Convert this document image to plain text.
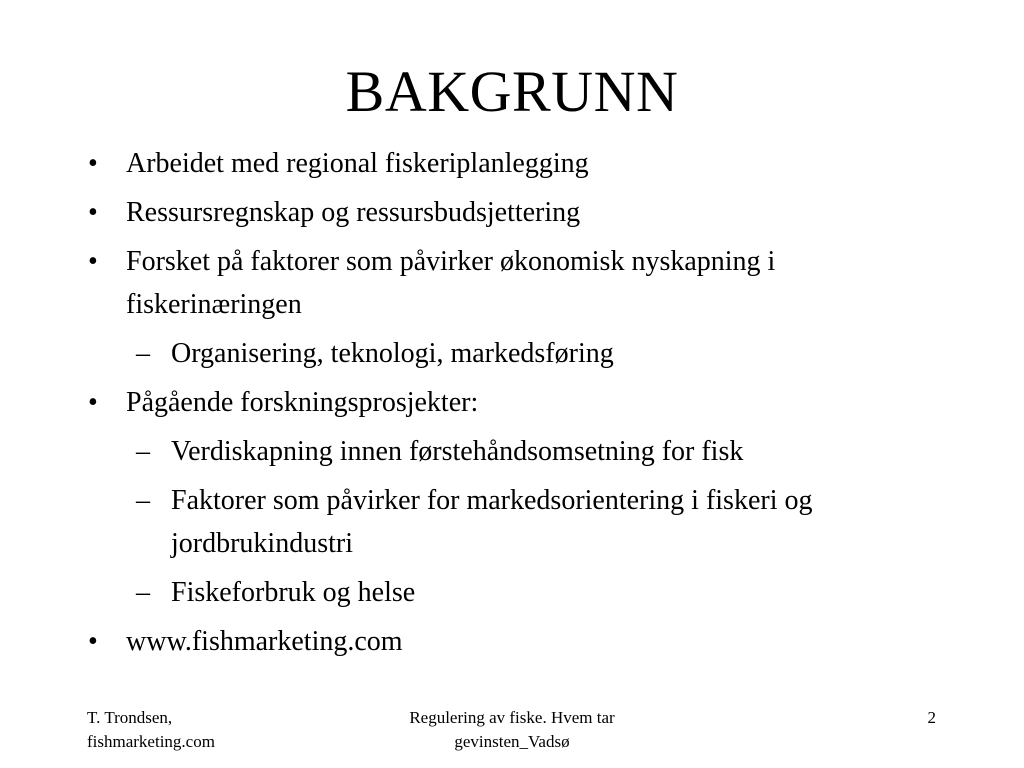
BAKGRUNN
• Arbeidet med regional fiskeriplanlegging
• Ressursregnskap og ressursbudsjettering
• Forsket på faktorer som påvirker økonomisk nyskapning i fiskerinæringen
– Organisering, teknologi, markedsføring
• Pågående forskningsprosjekter:
– Verdiskapning innen førstehåndsomsetning for fisk
– Faktorer som påvirker for markedsorientering i fiskeri og jordbrukindustri
– Fiskeforbruk og helse
• www.fishmarketing.com
T. Trondsen,
fishmarketing.com
Regulering av fiske. Hvem tar
gevinsten_Vadsø
2
